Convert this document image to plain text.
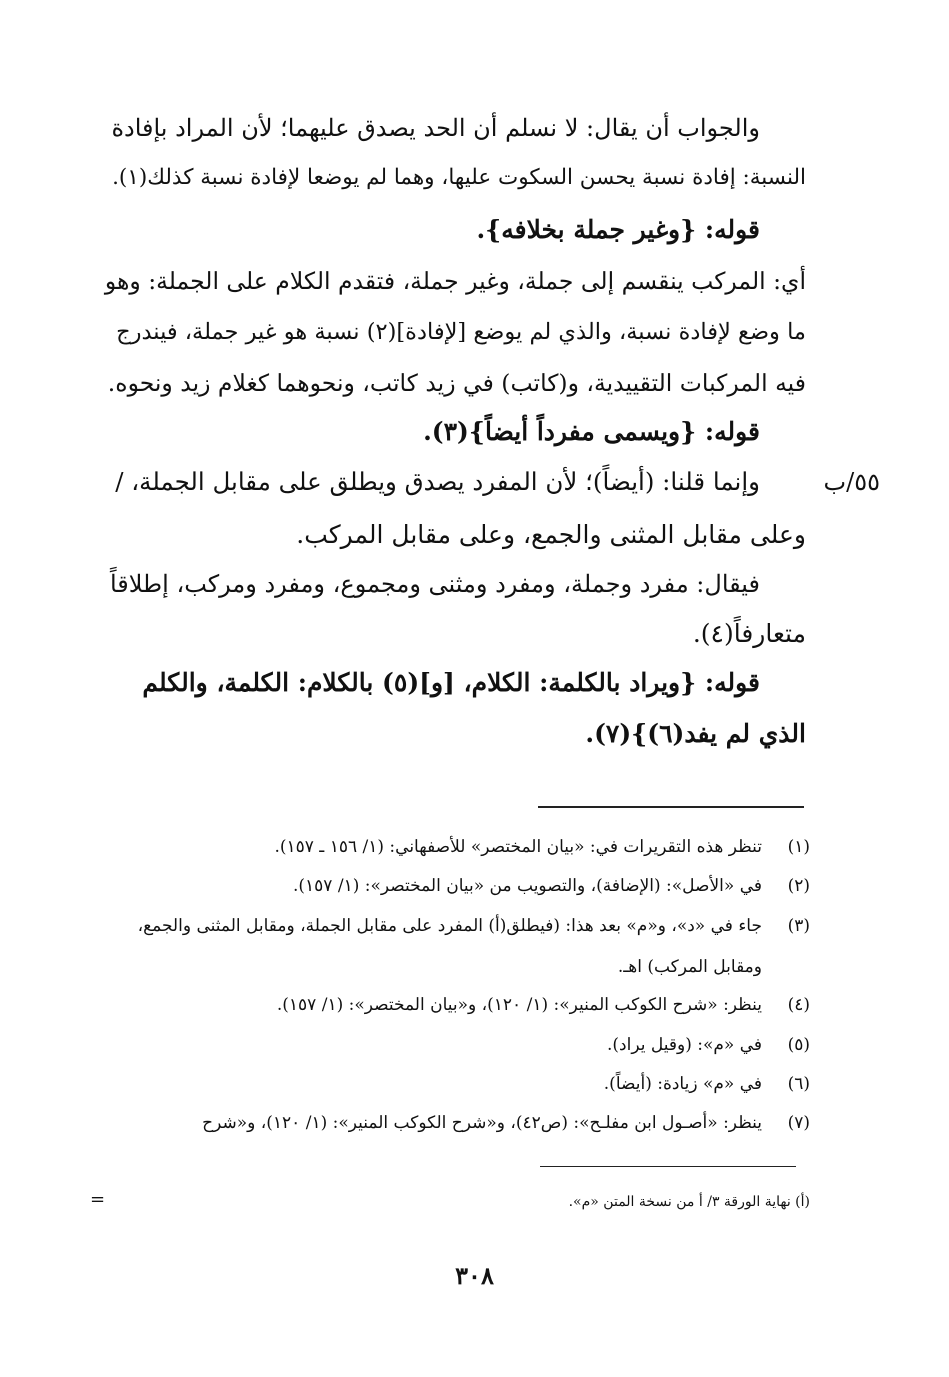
والجواب أن يقال: لا نسلم أن الحد يصدق عليهما؛ لأن المراد بإفادة
النسبة: إفادة نسبة يحسن السكوت عليها، وهما لم يوضعا لإفادة نسبة كذلك(١).
قوله: {وغير جملة بخلافه}.
أي: المركب ينقسم إلى جملة، وغير جملة، فتقدم الكلام على الجملة: وهو
ما وضع لإفادة نسبة، والذي لم يوضع [لإفادة](٢) نسبة هو غير جملة، فيندرج
فيه المركبات التقييدية، و(كاتب) في زيد كاتب، ونحوهما كغلام زيد ونحوه.
قوله: {ويسمى مفرداً أيضاً}(٣).
وإنما قلنا: (أيضاً)؛ لأن المفرد يصدق ويطلق على مقابل الجملة، /	٥٥/ب
وعلى مقابل المثنى والجمع، وعلى مقابل المركب.
فيقال: مفرد وجملة، ومفرد ومثنى ومجموع، ومفرد ومركب، إطلاقاً
متعارفاً(٤).
قوله: {ويراد بالكلمة: الكلام، [و](٥) بالكلام: الكلمة، والكلم
الذي لم يفد(٦)}(٧).
(١)تنظر هذه التقريرات في: «بيان المختصر» للأصفهاني: (١/ ١٥٦ ـ ١٥٧).
(٢)في «الأصل»: (الإضافة)، والتصويب من «بيان المختصر»: (١/ ١٥٧).
(٣)جاء في «د»، و«م» بعد هذا: (فيطلق(أ) المفرد على مقابل الجملة، ومقابل المثنى والجمع،
ومقابل المركب) اهـ.
(٤)ينظر: «شرح الكوكب المنير»: (١/ ١٢٠)، و«بيان المختصر»: (١/ ١٥٧).
(٥)في «م»: (وقيل يراد).
(٦)في «م» زيادة: (أيضاً).
(٧)ينظر: «أصـول ابن مفلـح»: (ص٤٢)، و«شرح الكوكب المنير»: (١/ ١٢٠)، و«شرح
=	(أ) نهاية الورقة ٣/ أ من نسخة المتن «م».
٣٠٨
